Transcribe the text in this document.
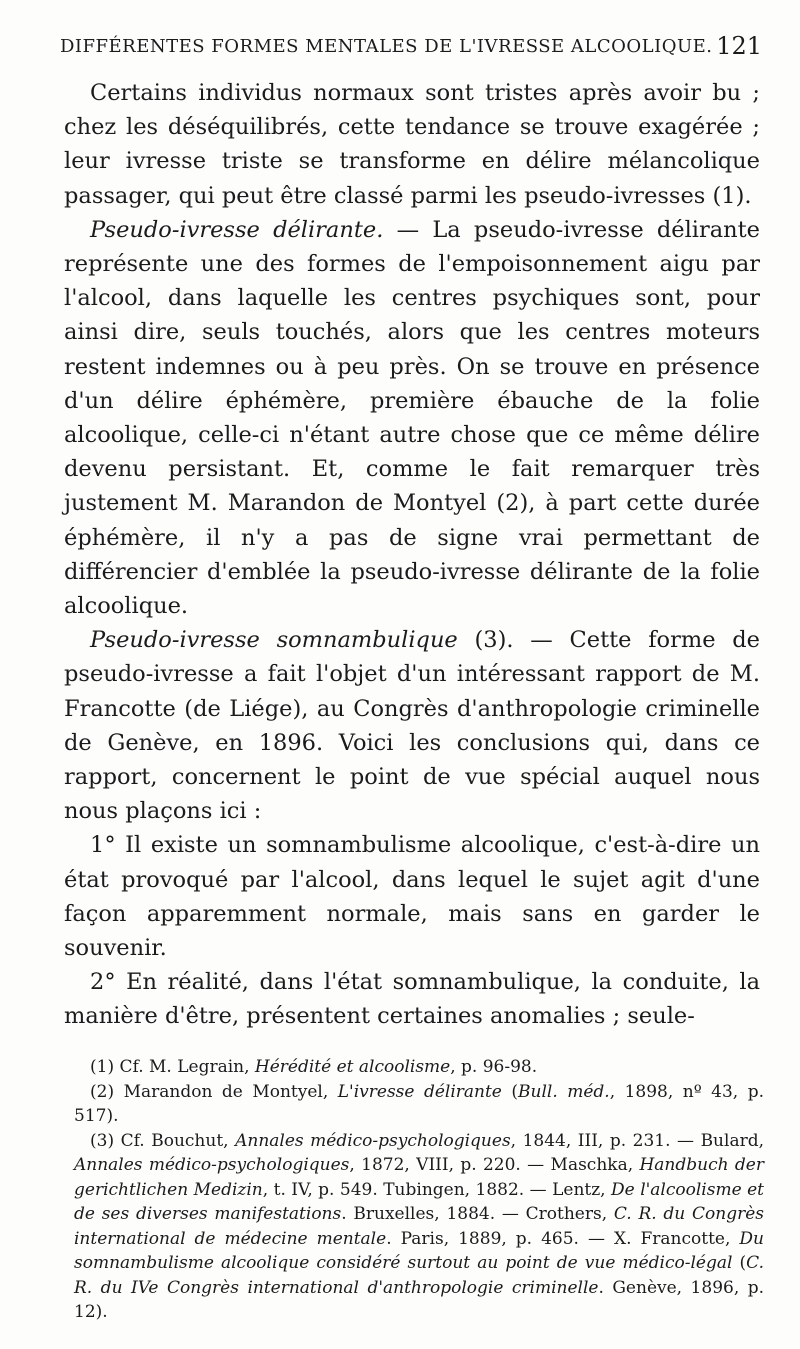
DIFFÉRENTES FORMES MENTALES DE L'IVRESSE ALCOOLIQUE. 121

Certains individus normaux sont tristes après avoir bu ; chez les déséquilibrés, cette tendance se trouve exagérée ; leur ivresse triste se transforme en délire mélancolique passager, qui peut être classé parmi les pseudo-ivresses (1).

Pseudo-ivresse délirante. — La pseudo-ivresse délirante représente une des formes de l'empoisonnement aigu par l'alcool, dans laquelle les centres psychiques sont, pour ainsi dire, seuls touchés, alors que les centres moteurs restent indemnes ou à peu près. On se trouve en présence d'un délire éphémère, première ébauche de la folie alcoolique, celle-ci n'étant autre chose que ce même délire devenu persistant. Et, comme le fait remarquer très justement M. Marandon de Montyel (2), à part cette durée éphémère, il n'y a pas de signe vrai permettant de différencier d'emblée la pseudo-ivresse délirante de la folie alcoolique.

Pseudo-ivresse somnambulique (3). — Cette forme de pseudo-ivresse a fait l'objet d'un intéressant rapport de M. Francotte (de Liége), au Congrès d'anthropologie criminelle de Genève, en 1896. Voici les conclusions qui, dans ce rapport, concernent le point de vue spécial auquel nous nous plaçons ici :

1° Il existe un somnambulisme alcoolique, c'est-à-dire un état provoqué par l'alcool, dans lequel le sujet agit d'une façon apparemment normale, mais sans en garder le souvenir.

2° En réalité, dans l'état somnambulique, la conduite, la manière d'être, présentent certaines anomalies ; seule-

(1) Cf. M. Legrain, Hérédité et alcoolisme, p. 96-98.

(2) Marandon de Montyel, L'ivresse délirante (Bull. méd., 1898, nº 43, p. 517).

(3) Cf. Bouchut, Annales médico-psychologiques, 1844, III, p. 231. — Bulard, Annales médico-psychologiques, 1872, VIII, p. 220. — Maschka, Handbuch der gerichtlichen Medizin, t. IV, p. 549. Tubingen, 1882. — Lentz, De l'alcoolisme et de ses diverses manifestations. Bruxelles, 1884. — Crothers, C. R. du Congrès international de médecine mentale. Paris, 1889, p. 465. — X. Francotte, Du somnambulisme alcoolique considéré surtout au point de vue médico-légal (C. R. du IVe Congrès international d'anthropologie criminelle. Genève, 1896, p. 12).
